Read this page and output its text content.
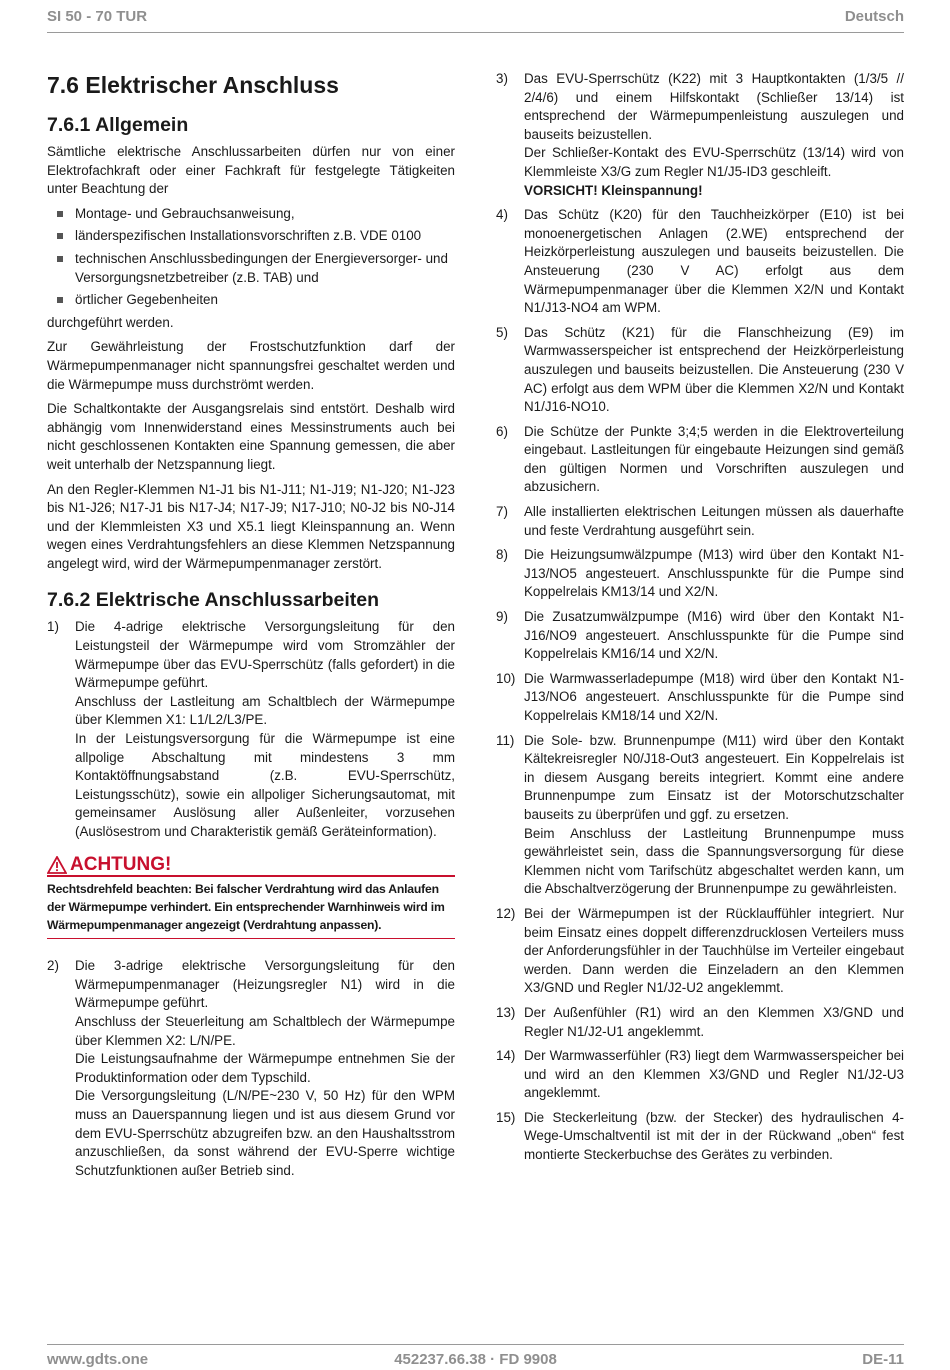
SI 50 - 70 TUR	Deutsch
7.6 Elektrischer Anschluss
7.6.1 Allgemein

Sämtliche elektrische Anschlussarbeiten dürfen nur von einer Elektrofachkraft oder einer Fachkraft für festgelegte Tätigkeiten unter Beachtung der

Montage- und Gebrauchsanweisung,
länderspezifischen Installationsvorschriften z.B. VDE 0100
technischen Anschlussbedingungen der Energieversorger- und Versorgungsnetzbetreiber (z.B. TAB) und
örtlicher Gegebenheiten

durchgeführt werden.

Zur Gewährleistung der Frostschutzfunktion darf der Wärmepumpenmanager nicht spannungsfrei geschaltet werden und die Wärmepumpe muss durchströmt werden.

Die Schaltkontakte der Ausgangsrelais sind entstört. Deshalb wird abhängig vom Innenwiderstand eines Messinstruments auch bei nicht geschlossenen Kontakten eine Spannung gemessen, die aber weit unterhalb der Netzspannung liegt.

An den Regler-Klemmen N1-J1 bis N1-J11; N1-J19; N1-J20; N1-J23 bis N1-J26; N17-J1 bis N17-J4; N17-J9; N17-J10; N0-J2 bis N0-J14 und der Klemmleisten X3 und X5.1 liegt Kleinspannung an. Wenn wegen eines Verdrahtungsfehlers an diese Klemmen Netzspannung angelegt wird, wird der Wärmepumpenmanager zerstört.

7.6.2 Elektrische Anschlussarbeiten
1) Die 4-adrige elektrische Versorgungsleitung für den Leistungsteil der Wärmepumpe wird vom Stromzähler der Wärmepumpe über das EVU-Sperrschütz (falls gefordert) in die Wärmepumpe geführt.
Anschluss der Lastleitung am Schaltblech der Wärmepumpe über Klemmen X1: L1/L2/L3/PE.
In der Leistungsversorgung für die Wärmepumpe ist eine allpolige Abschaltung mit mindestens 3 mm Kontaktöffnungsabstand (z.B. EVU-Sperrschütz, Leistungsschütz), sowie ein allpoliger Sicherungsautomat, mit gemeinsamer Auslösung aller Außenleiter, vorzusehen (Auslösestrom und Charakteristik gemäß Geräteinformation).
ACHTUNG!
Rechtsdrehfeld beachten: Bei falscher Verdrahtung wird das Anlaufen der Wärmepumpe verhindert. Ein entsprechender Warnhinweis wird im Wärmepumpenmanager angezeigt (Verdrahtung anpassen).
2) Die 3-adrige elektrische Versorgungsleitung für den Wärmepumpenmanager (Heizungsregler N1) wird in die Wärmepumpe geführt.
Anschluss der Steuerleitung am Schaltblech der Wärmepumpe über Klemmen X2: L/N/PE.
Die Leistungsaufnahme der Wärmepumpe entnehmen Sie der Produktinformation oder dem Typschild.
Die Versorgungsleitung (L/N/PE~230 V, 50 Hz) für den WPM muss an Dauerspannung liegen und ist aus diesem Grund vor dem EVU-Sperrschütz abzugreifen bzw. an den Haushaltsstrom anzuschließen, da sonst während der EVU-Sperre wichtige Schutzfunktionen außer Betrieb sind.
3) Das EVU-Sperrschütz (K22) mit 3 Hauptkontakten (1/3/5 // 2/4/6) und einem Hilfskontakt (Schließer 13/14) ist entsprechend der Wärmepumpenleistung auszulegen und bauseits beizustellen.
Der Schließer-Kontakt des EVU-Sperrschütz (13/14) wird von Klemmleiste X3/G zum Regler N1/J5-ID3 geschleift.
VORSICHT! Kleinspannung!
4) Das Schütz (K20) für den Tauchheizkörper (E10) ist bei monoenergetischen Anlagen (2.WE) entsprechend der Heizkörperleistung auszulegen und bauseits beizustellen. Die Ansteuerung (230 V AC) erfolgt aus dem Wärmepumpenmanager über die Klemmen X2/N und Kontakt N1/J13-NO4 am WPM.
5) Das Schütz (K21) für die Flanschheizung (E9) im Warmwasserspeicher ist entsprechend der Heizkörperleistung auszulegen und bauseits beizustellen. Die Ansteuerung (230 V AC) erfolgt aus dem WPM über die Klemmen X2/N und Kontakt N1/J16-NO10.
6) Die Schütze der Punkte 3;4;5 werden in die Elektroverteilung eingebaut. Lastleitungen für eingebaute Heizungen sind gemäß den gültigen Normen und Vorschriften auszulegen und abzusichern.
7) Alle installierten elektrischen Leitungen müssen als dauerhafte und feste Verdrahtung ausgeführt sein.
8) Die Heizungsumwälzpumpe (M13) wird über den Kontakt N1-J13/NO5 angesteuert. Anschlusspunkte für die Pumpe sind Koppelrelais KM13/14 und X2/N.
9) Die Zusatzumwälzpumpe (M16) wird über den Kontakt N1-J16/NO9 angesteuert. Anschlusspunkte für die Pumpe sind Koppelrelais KM16/14 und X2/N.
10) Die Warmwasserladepumpe (M18) wird über den Kontakt N1-J13/NO6 angesteuert. Anschlusspunkte für die Pumpe sind Koppelrelais KM18/14 und X2/N.
11) Die Sole- bzw. Brunnenpumpe (M11) wird über den Kontakt Kältekreisregler N0/J18-Out3 angesteuert. Ein Koppelrelais ist in diesem Ausgang bereits integriert. Kommt eine andere Brunnenpumpe zum Einsatz ist der Motorschutzschalter bauseits zu überprüfen und ggf. zu ersetzen.
Beim Anschluss der Lastleitung Brunnenpumpe muss gewährleistet sein, dass die Spannungsversorgung für diese Klemmen nicht vom Tarifschütz abgeschaltet werden kann, um die Abschaltverzögerung der Brunnenpumpe zu gewährleisten.
12) Bei der Wärmepumpen ist der Rücklauffühler integriert. Nur beim Einsatz eines doppelt differenzdrucklosen Verteilers muss der Anforderungsfühler in der Tauchhülse im Verteiler eingebaut werden. Dann werden die Einzeladern an den Klemmen X3/GND und Regler N1/J2-U2 angeklemmt.
13) Der Außenfühler (R1) wird an den Klemmen X3/GND und Regler N1/J2-U1 angeklemmt.
14) Der Warmwasserfühler (R3) liegt dem Warmwasserspeicher bei und wird an den Klemmen X3/GND und Regler N1/J2-U3 angeklemmt.
15) Die Steckerleitung (bzw. der Stecker) des hydraulischen 4-Wege-Umschaltventil ist mit der in der Rückwand „oben“ fest montierte Steckerbuchse des Gerätes zu verbinden.
www.gdts.one	452237.66.38 · FD 9908	DE-11
